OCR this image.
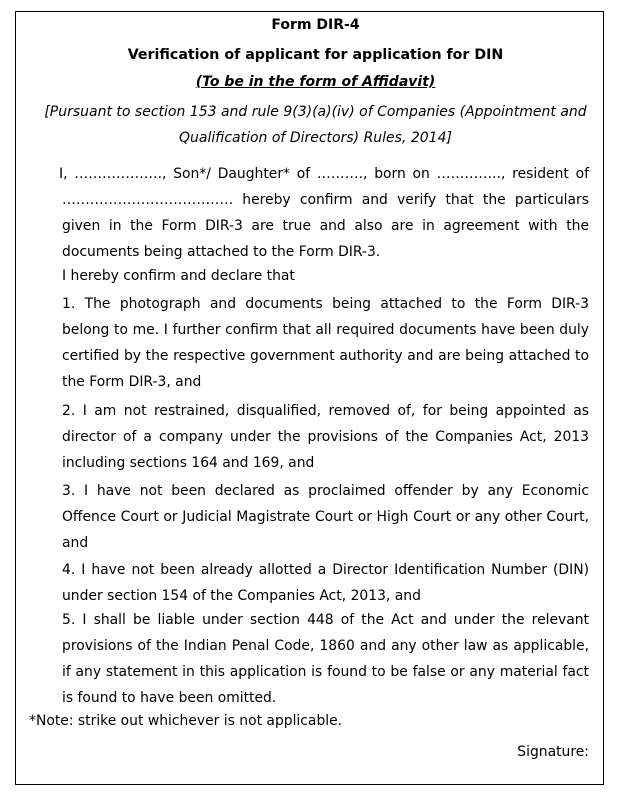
Form DIR-4
Verification of applicant for application for DIN
(To be in the form of Affidavit)
[Pursuant to section 153 and rule 9(3)(a)(iv) of Companies (Appointment and
Qualification of Directors) Rules, 2014]
I, ………………., Son*/ Daughter* of ………., born on ………….., resident of ………………………………. hereby confirm and verify that the particulars given in the Form DIR-3 are true and also are in agreement with the documents being attached to the Form DIR-3.
I hereby confirm and declare that
1. The photograph and documents being attached to the Form DIR-3 belong to me. I further confirm that all required documents have been duly certified by the respective government authority and are being attached to the Form DIR-3, and
2. I am not restrained, disqualified, removed of, for being appointed as director of a company under the provisions of the Companies Act, 2013 including sections 164 and 169, and
3. I have not been declared as proclaimed offender by any Economic Offence Court or Judicial Magistrate Court or High Court or any other Court, and
4. I have not been already allotted a Director Identification Number (DIN) under section 154 of the Companies Act, 2013, and
5. I shall be liable under section 448 of the Act and under the relevant provisions of the Indian Penal Code, 1860 and any other law as applicable, if any statement in this application is found to be false or any material fact is found to have been omitted.
*Note: strike out whichever is not applicable.
Signature:
